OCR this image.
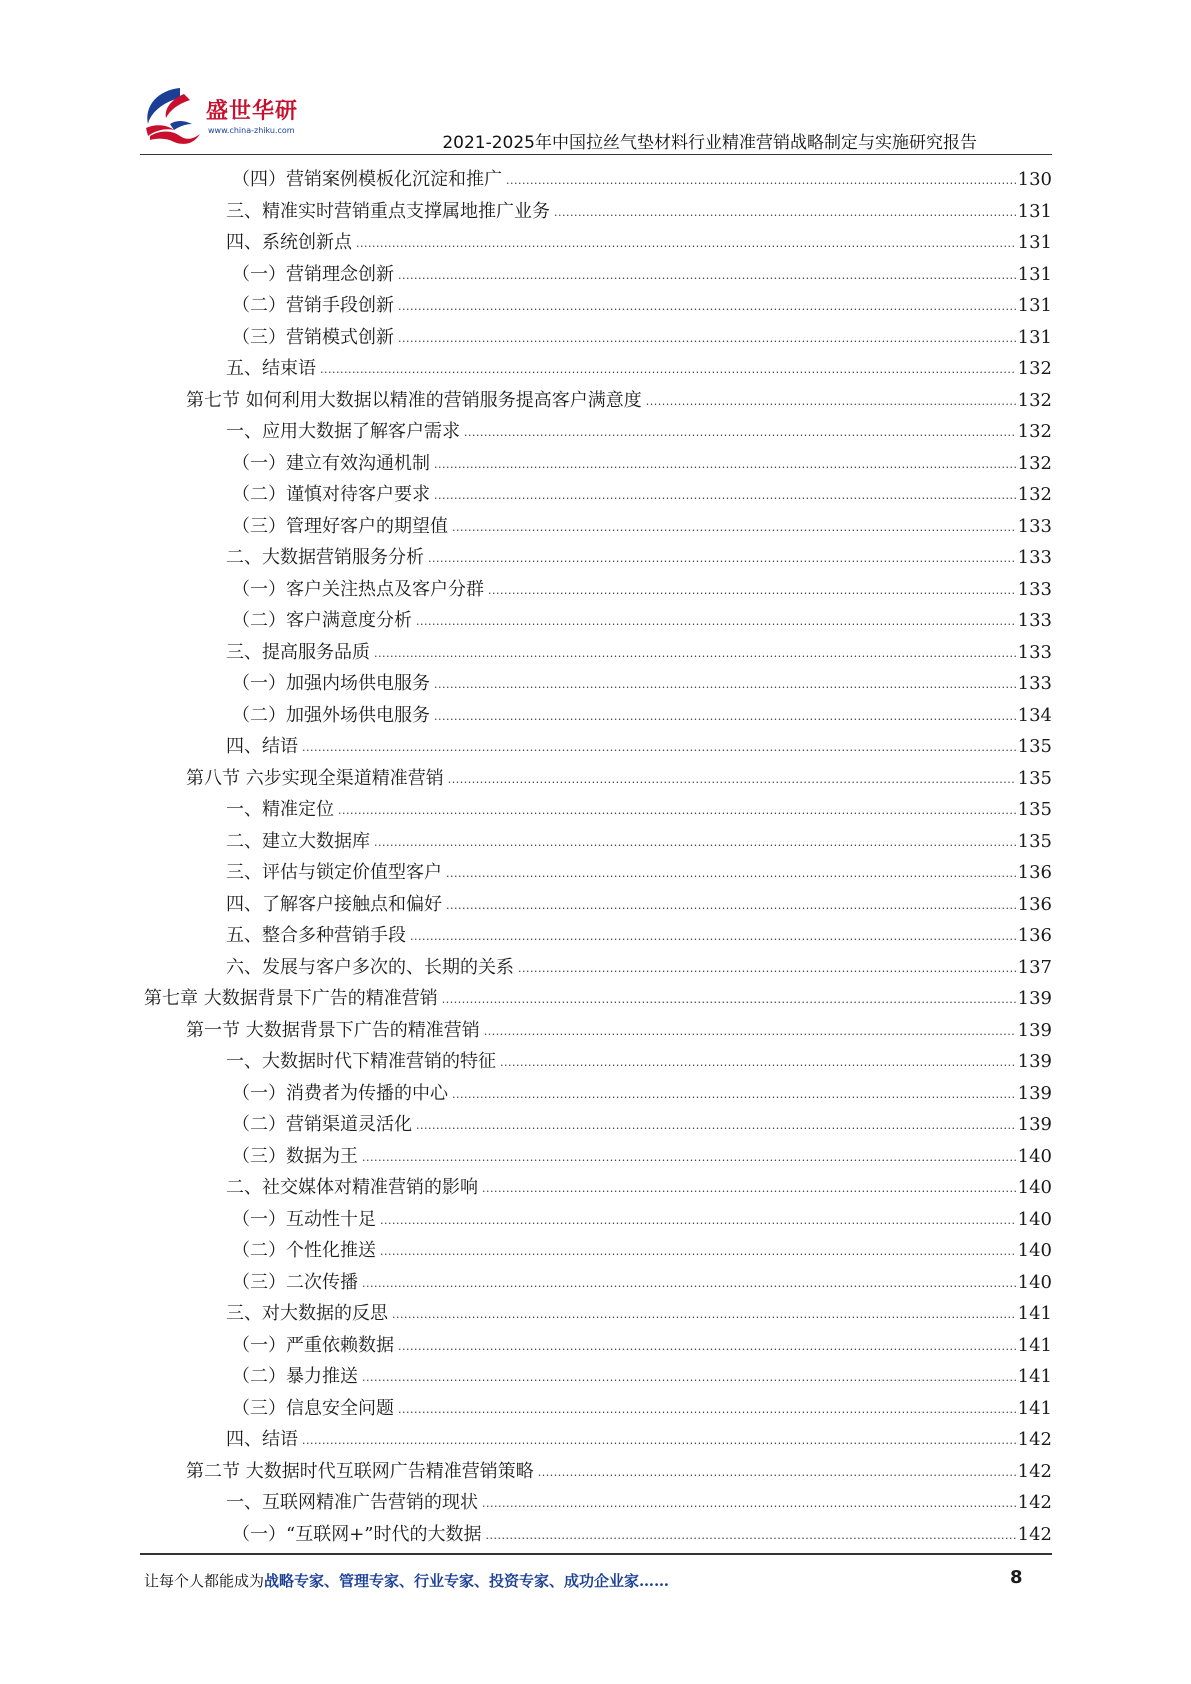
盛世华研
www.china-zhiku.com
2021-2025年中国拉丝气垫材料行业精准营销战略制定与实施研究报告
（四）营销案例模板化沉淀和推广 .....	130
三、精准实时营销重点支撑属地推广业务 .....	131
四、系统创新点 .....	131
（一）营销理念创新 .....	131
（二）营销手段创新 .....	131
（三）营销模式创新 .....	131
五、结束语 .....	132
第七节 如何利用大数据以精准的营销服务提高客户满意度 .....	132
一、应用大数据了解客户需求 .....	132
（一）建立有效沟通机制 .....	132
（二）谨慎对待客户要求 .....	132
（三）管理好客户的期望值 .....	133
二、大数据营销服务分析 .....	133
（一）客户关注热点及客户分群 .....	133
（二）客户满意度分析 .....	133
三、提高服务品质 .....	133
（一）加强内场供电服务 .....	133
（二）加强外场供电服务 .....	134
四、结语 .....	135
第八节 六步实现全渠道精准营销 .....	135
一、精准定位 .....	135
二、建立大数据库 .....	135
三、评估与锁定价值型客户 .....	136
四、了解客户接触点和偏好 .....	136
五、整合多种营销手段 .....	136
六、发展与客户多次的、长期的关系 .....	137
第七章 大数据背景下广告的精准营销 .....	139
第一节 大数据背景下广告的精准营销 .....	139
一、大数据时代下精准营销的特征 .....	139
（一）消费者为传播的中心 .....	139
（二）营销渠道灵活化 .....	139
（三）数据为王 .....	140
二、社交媒体对精准营销的影响 .....	140
（一）互动性十足 .....	140
（二）个性化推送 .....	140
（三）二次传播 .....	140
三、对大数据的反思 .....	141
（一）严重依赖数据 .....	141
（二）暴力推送 .....	141
（三）信息安全问题 .....	141
四、结语 .....	142
第二节 大数据时代互联网广告精准营销策略 .....	142
一、互联网精准广告营销的现状 .....	142
（一）“互联网+”时代的大数据 .....	142
让每个人都能成为战略专家、管理专家、行业专家、投资专家、成功企业家……	8
